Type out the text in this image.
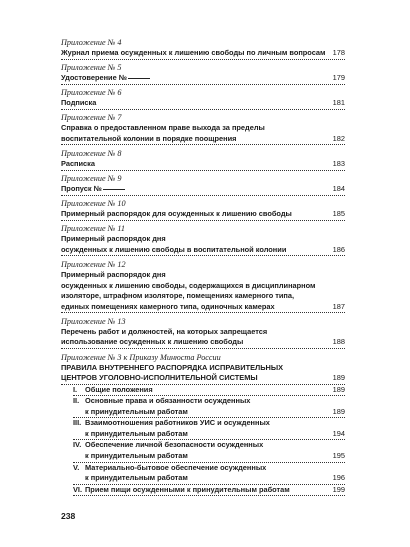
Приложение № 4
Журнал приема осужденных к лишению свободы по личным вопросам 178
Приложение № 5
Удостоверение №	179
Приложение № 6
Подписка	181
Приложение № 7
Справка о предоставленном праве выхода за пределы
воспитательной колонии в порядке поощрения	182
Приложение № 8
Расписка	183
Приложение № 9
Пропуск №	184
Приложение № 10
Примерный распорядок для осужденных к лишению свободы	185
Приложение № 11
Примерный распорядок дня
осужденных к лишению свободы в воспитательной колонии	186
Приложение № 12
Примерный распорядок дня
осужденных к лишению свободы, содержащихся в дисциплинарном
изоляторе, штрафном изоляторе, помещениях камерного типа,
единых помещениях камерного типа, одиночных камерах	187
Приложение № 13
Перечень работ и должностей, на которых запрещается
использование осужденных к лишению свободы	188
Приложение № 3 к Приказу Минюста России
ПРАВИЛА ВНУТРЕННЕГО РАСПОРЯДКА ИСПРАВИТЕЛЬНЫХ
ЦЕНТРОВ УГОЛОВНО-ИСПОЛНИТЕЛЬНОЙ СИСТЕМЫ	189
I. Общие положения	189
II. Основные права и обязанности осужденных
к принудительным работам	189
III. Взаимоотношения работников УИС и осужденных
к принудительным работам	194
IV. Обеспечение личной безопасности осужденных
к принудительным работам	195
V. Материально-бытовое обеспечение осужденных
к принудительным работам	196
VI. Прием пищи осужденными к принудительным работам	199
238
